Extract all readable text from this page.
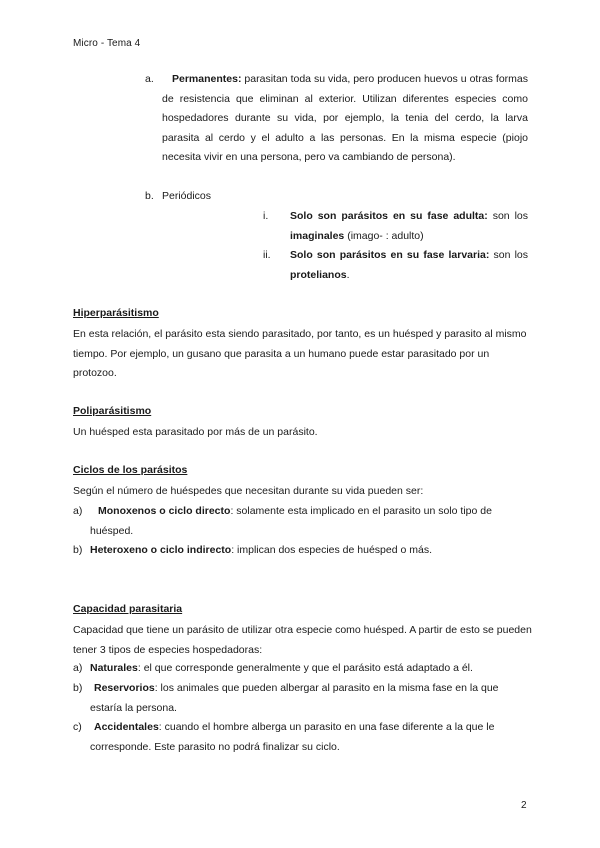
Micro - Tema 4
a.	Permanentes: parasitan toda su vida, pero producen huevos u otras formas de resistencia que eliminan al exterior. Utilizan diferentes especies como hospedadores durante su vida, por ejemplo, la tenia del cerdo, la larva parasita al cerdo y el adulto a las personas. En la misma especie (piojo necesita vivir en una persona, pero va cambiando de persona).
b. Periódicos
i. Solo son parásitos en su fase adulta: son los imaginales (imago- : adulto)
ii. Solo son parásitos en su fase larvaria: son los protelianos.
Hiperparásitismo
En esta relación, el parásito esta siendo parasitado, por tanto, es un huésped y parasito al mismo tiempo. Por ejemplo, un gusano que parasita a un humano puede estar parasitado por un protozoo.
Poliparásitismo
Un huésped esta parasitado por más de un parásito.
Ciclos de los parásitos
Según el número de huéspedes que necesitan durante su vida pueden ser:
a)	Monoxenos o ciclo directo: solamente esta implicado en el parasito un solo tipo de huésped.
b) Heteroxeno o ciclo indirecto: implican dos especies de huésped o más.
Capacidad parasitaria
Capacidad que tiene un parásito de utilizar otra especie como huésped. A partir de esto se pueden tener 3 tipos de especies hospedadoras:
a) Naturales: el que corresponde generalmente y que el parásito está adaptado a él.
b)	Reservorios: los animales que pueden albergar al parasito en la misma fase en la que estaría la persona.
c)	Accidentales: cuando el hombre alberga un parasito en una fase diferente a la que le corresponde. Este parasito no podrá finalizar su ciclo.
2
